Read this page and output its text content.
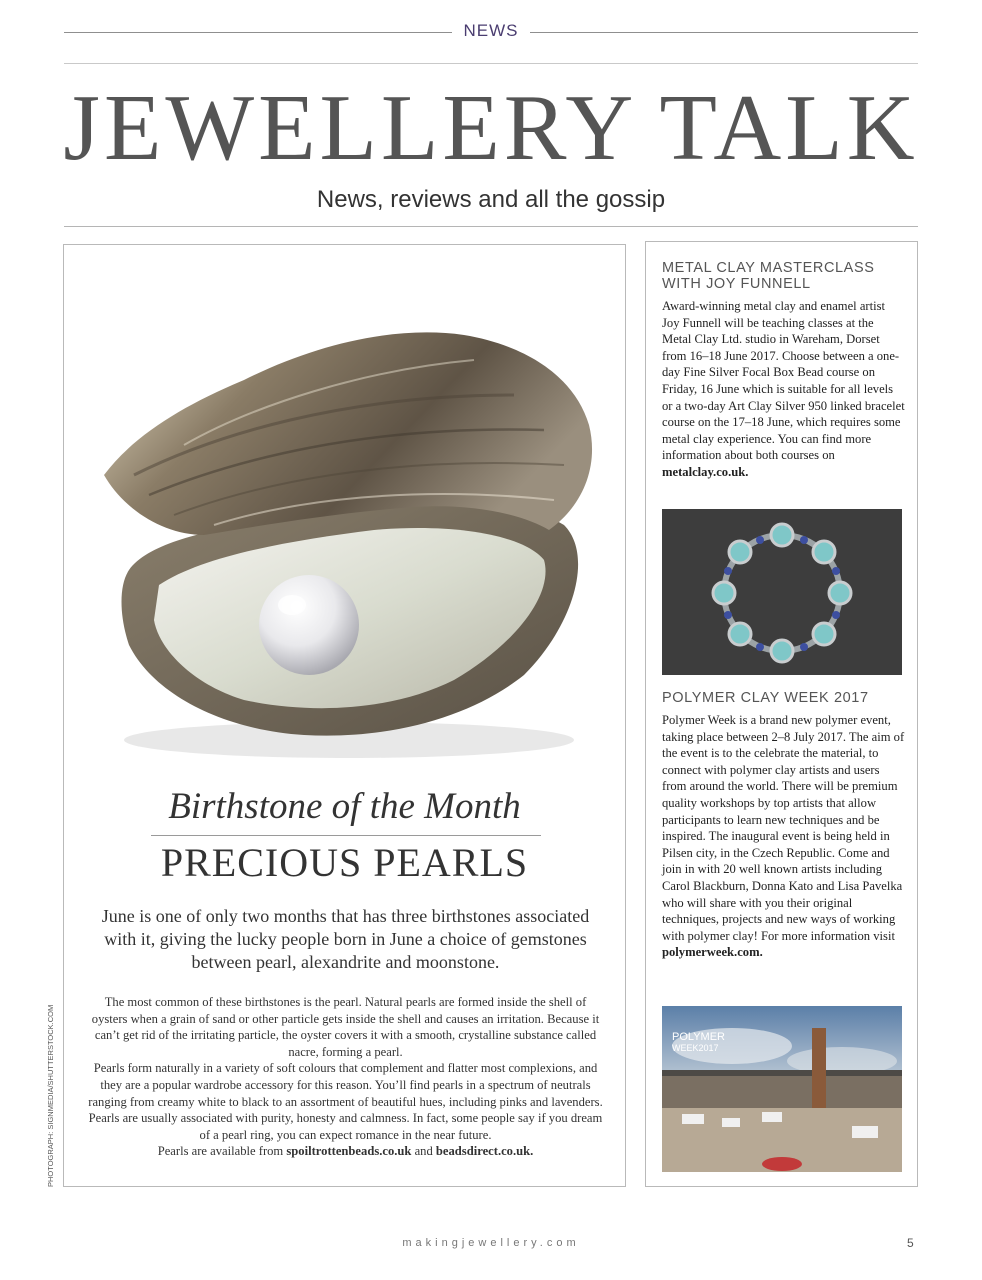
NEWS
JEWELLERY TALK
News, reviews and all the gossip
Birthstone of the Month
PRECIOUS PEARLS
June is one of only two months that has three birthstones associated with it, giving the lucky people born in June a choice of gemstones between pearl, alexandrite and moonstone.

The most common of these birthstones is the pearl. Natural pearls are formed inside the shell of oysters when a grain of sand or other particle gets inside the shell and causes an irritation. Because it can’t get rid of the irritating particle, the oyster covers it with a smooth, crystalline substance called nacre, forming a pearl.

Pearls form naturally in a variety of soft colours that complement and flatter most complexions, and they are a popular wardrobe accessory for this reason. You’ll find pearls in a spectrum of neutrals ranging from creamy white to black to an assortment of beautiful hues, including pinks and lavenders.

Pearls are usually associated with purity, honesty and calmness. In fact, some people say if you dream of a pearl ring, you can expect romance in the near future.

Pearls are available from spoiltrottenbeads.co.uk and beadsdirect.co.uk.

PHOTOGRAPH: SIGNMEDIA/SHUTTERSTOCK.COM
METAL CLAY MASTERCLASS WITH JOY FUNNELL

Award-winning metal clay and enamel artist Joy Funnell will be teaching classes at the Metal Clay Ltd. studio in Wareham, Dorset from 16–18 June 2017. Choose between a one-day Fine Silver Focal Box Bead course on Friday, 16 June which is suitable for all levels or a two-day Art Clay Silver 950 linked bracelet course on the 17–18 June, which requires some metal clay experience. You can find more information about both courses on metalclay.co.uk.

POLYMER CLAY WEEK 2017

Polymer Week is a brand new polymer event, taking place between 2–8 July 2017. The aim of the event is to the celebrate the material, to connect with polymer clay artists and users from around the world. There will be premium quality workshops by top artists that allow participants to learn new techniques and be inspired. The inaugural event is being held in Pilsen city, in the Czech Republic. Come and join in with 20 well known artists including Carol Blackburn, Donna Kato and Lisa Pavelka who will share with you their original techniques, projects and new ways of working with polymer clay! For more information visit polymerweek.com.

POLYMER
WEEK2017
makingjewellery.com	5
